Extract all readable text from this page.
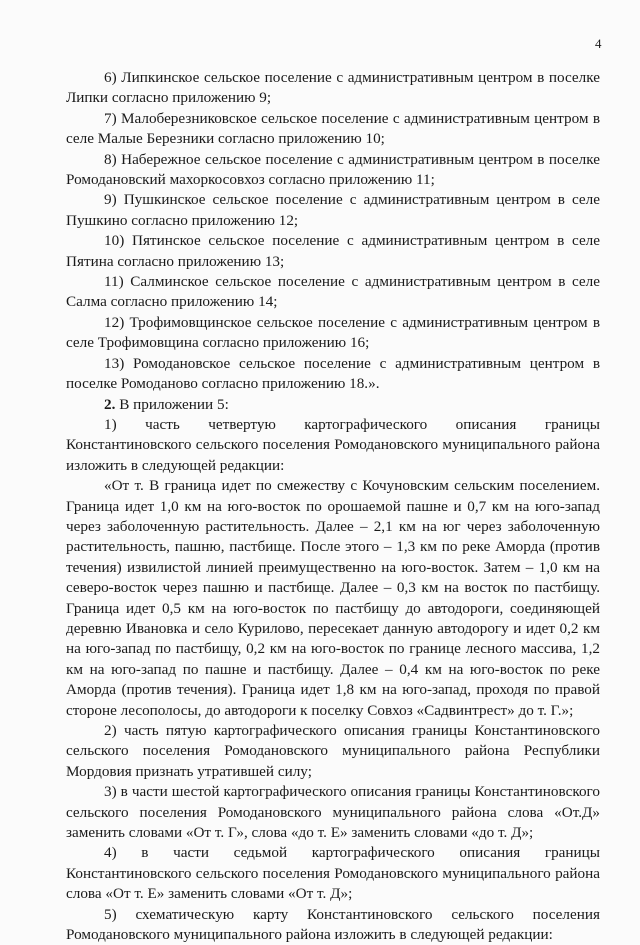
4

6) Липкинское сельское поселение с административным центром в поселке Липки согласно приложению 9;

7) Малоберезниковское сельское поселение с административным центром в селе Малые Березники согласно приложению 10;

8) Набережное сельское поселение с административным центром в поселке Ромодановский махоркосовхоз согласно приложению 11;

9) Пушкинское сельское поселение с административным центром в селе Пушкино согласно приложению 12;

10) Пятинское сельское поселение с административным центром в селе Пятина согласно приложению 13;

11) Салминское сельское поселение с административным центром в селе Салма согласно приложению 14;

12) Трофимовщинское сельское поселение с административным центром в селе Трофимовщина согласно приложению 16;

13) Ромодановское сельское поселение с административным центром в поселке Ромоданово согласно приложению 18.».

2. В приложении 5:

1) часть четвертую картографического описания границы Константиновского сельского поселения Ромодановского муниципального района изложить в следующей редакции:

«От т. В граница идет по смежеству с Кочуновским сельским поселением. Граница идет 1,0 км на юго-восток по орошаемой пашне и 0,7 км на юго-запад через заболоченную растительность. Далее – 2,1 км на юг через заболоченную растительность, пашню, пастбище. После этого – 1,3 км по реке Аморда (против течения) извилистой линией преимущественно на юго-восток. Затем – 1,0 км на северо-восток через пашню и пастбище. Далее – 0,3 км на восток по пастбищу. Граница идет 0,5 км на юго-восток по пастбищу до автодороги, соединяющей деревню Ивановка и село Курилово, пересекает данную автодорогу и идет 0,2 км на юго-запад по пастбищу, 0,2 км на юго-восток по границе лесного массива, 1,2 км на юго-запад по пашне и пастбищу. Далее – 0,4 км на юго-восток по реке Аморда (против течения). Граница идет 1,8 км на юго-запад, проходя по правой стороне лесополосы, до автодороги к поселку Совхоз «Садвинтрест» до т. Г.»;

2) часть пятую картографического описания границы Константиновского сельского поселения Ромодановского муниципального района Республики Мордовия признать утратившей силу;

3) в части шестой картографического описания границы Константиновского сельского поселения Ромодановского муниципального района слова «От.Д» заменить словами «От т. Г», слова «до т. Е» заменить словами «до т. Д»;

4) в части седьмой картографического описания границы Константиновского сельского поселения Ромодановского муниципального района слова «От т. Е» заменить словами «От т. Д»;

5) схематическую карту Константиновского сельского поселения Ромодановского муниципального района изложить в следующей редакции:
